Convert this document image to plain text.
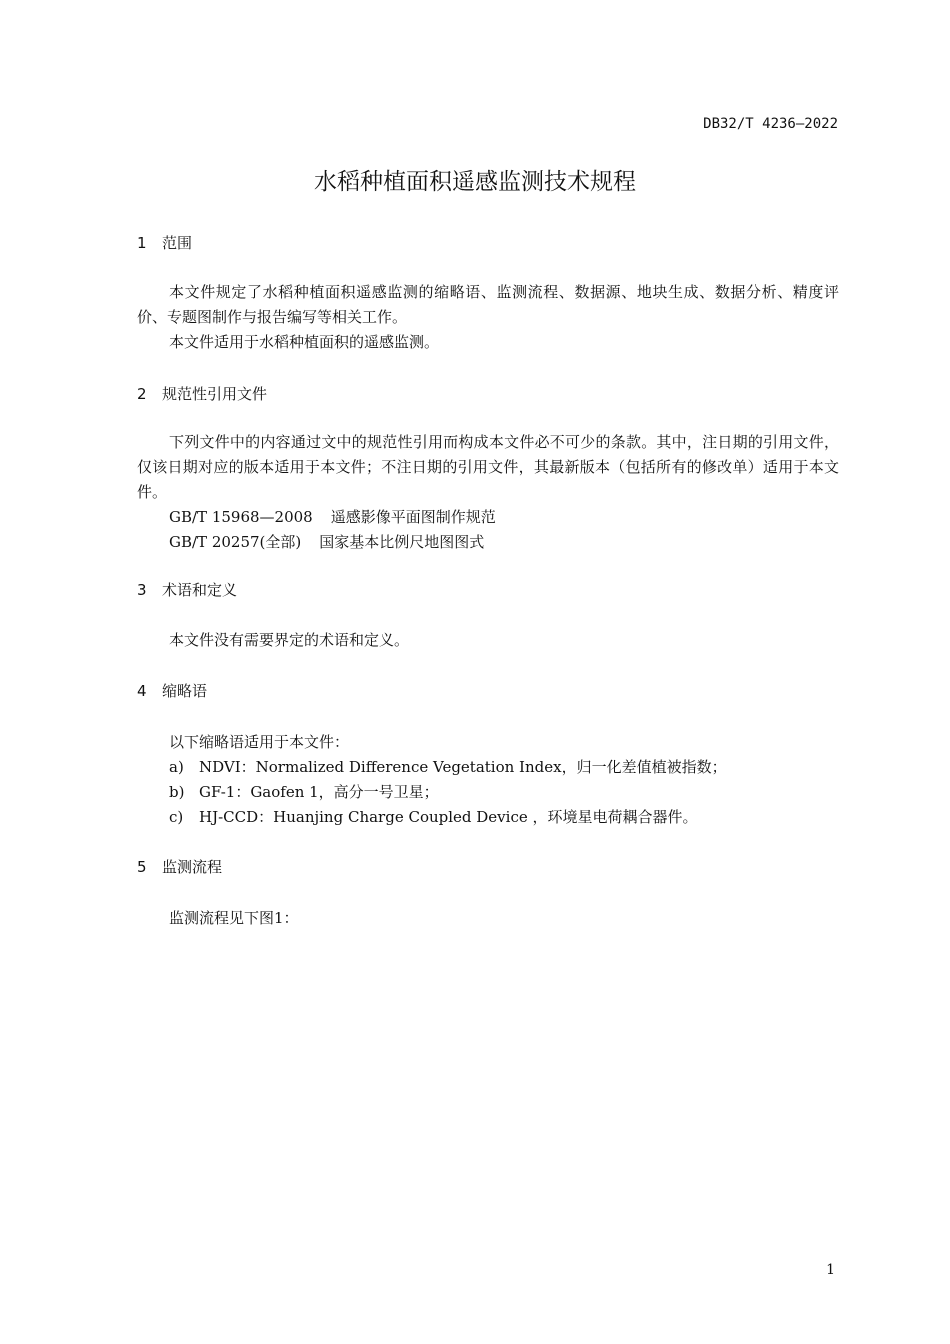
DB32/T 4236—2022
水稻种植面积遥感监测技术规程
1 范围
本文件规定了水稻种植面积遥感监测的缩略语、监测流程、数据源、地块生成、数据分析、精度评价、专题图制作与报告编写等相关工作。
本文件适用于水稻种植面积的遥感监测。
2 规范性引用文件
下列文件中的内容通过文中的规范性引用而构成本文件必不可少的条款。其中，注日期的引用文件，仅该日期对应的版本适用于本文件；不注日期的引用文件，其最新版本（包括所有的修改单）适用于本文件。
GB/T 15968—2008 遥感影像平面图制作规范
GB/T 20257(全部) 国家基本比例尺地图图式
3 术语和定义
本文件没有需要界定的术语和定义。
4 缩略语
以下缩略语适用于本文件：
a) NDVI：Normalized Difference Vegetation Index，归一化差值植被指数；
b) GF-1：Gaofen 1，高分一号卫星；
c) HJ-CCD：Huanjing Charge Coupled Device ，环境星电荷耦合器件。
5 监测流程
监测流程见下图1：
1
